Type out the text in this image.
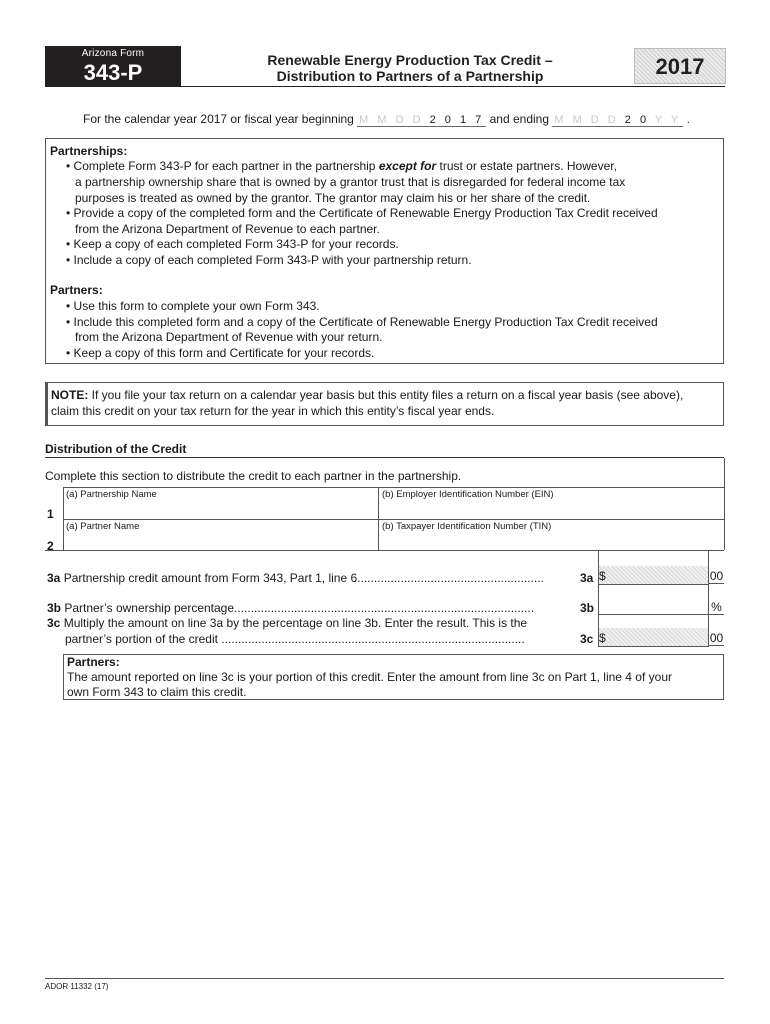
Arizona Form
343-P	Renewable Energy Production Tax Credit –
Distribution to Partners of a Partnership	2017
For the calendar year 2017 or fiscal year beginning M M D D 2 0 1 7 and ending M M D D 2 0 Y Y .
Partnerships:
• Complete Form 343-P for each partner in the partnership except for trust or estate partners. However,
a partnership ownership share that is owned by a grantor trust that is disregarded for federal income tax
purposes is treated as owned by the grantor. The grantor may claim his or her share of the credit.
• Provide a copy of the completed form and the Certificate of Renewable Energy Production Tax Credit received
from the Arizona Department of Revenue to each partner.
• Keep a copy of each completed Form 343-P for your records.
• Include a copy of each completed Form 343-P with your partnership return.
Partners:
• Use this form to complete your own Form 343.
• Include this completed form and a copy of the Certificate of Renewable Energy Production Tax Credit received
from the Arizona Department of Revenue with your return.
• Keep a copy of this form and Certificate for your records.
NOTE: If you file your tax return on a calendar year basis but this entity files a return on a fiscal year basis (see above),
claim this credit on your tax return for the year in which this entity’s fiscal year ends.
Distribution of the Credit
Complete this section to distribute the credit to each partner in the partnership.
1
2
(a) Partnership Name	(b) Employer Identification Number (EIN)
(a) Partner Name	(b) Taxpayer Identification Number (TIN)
3a Partnership credit amount from Form 343, Part 1, line 6........................................................	3a $	00
3b Partner’s ownership percentage..........................................................................................	3b	%
3c Multiply the amount on line 3a by the percentage on line 3b. Enter the result. This is the
partner’s portion of the credit ...........................................................................................	3c $	00
Partners:
The amount reported on line 3c is your portion of this credit. Enter the amount from line 3c on Part 1, line 4 of your
own Form 343 to claim this credit.
ADOR 11332 (17)
